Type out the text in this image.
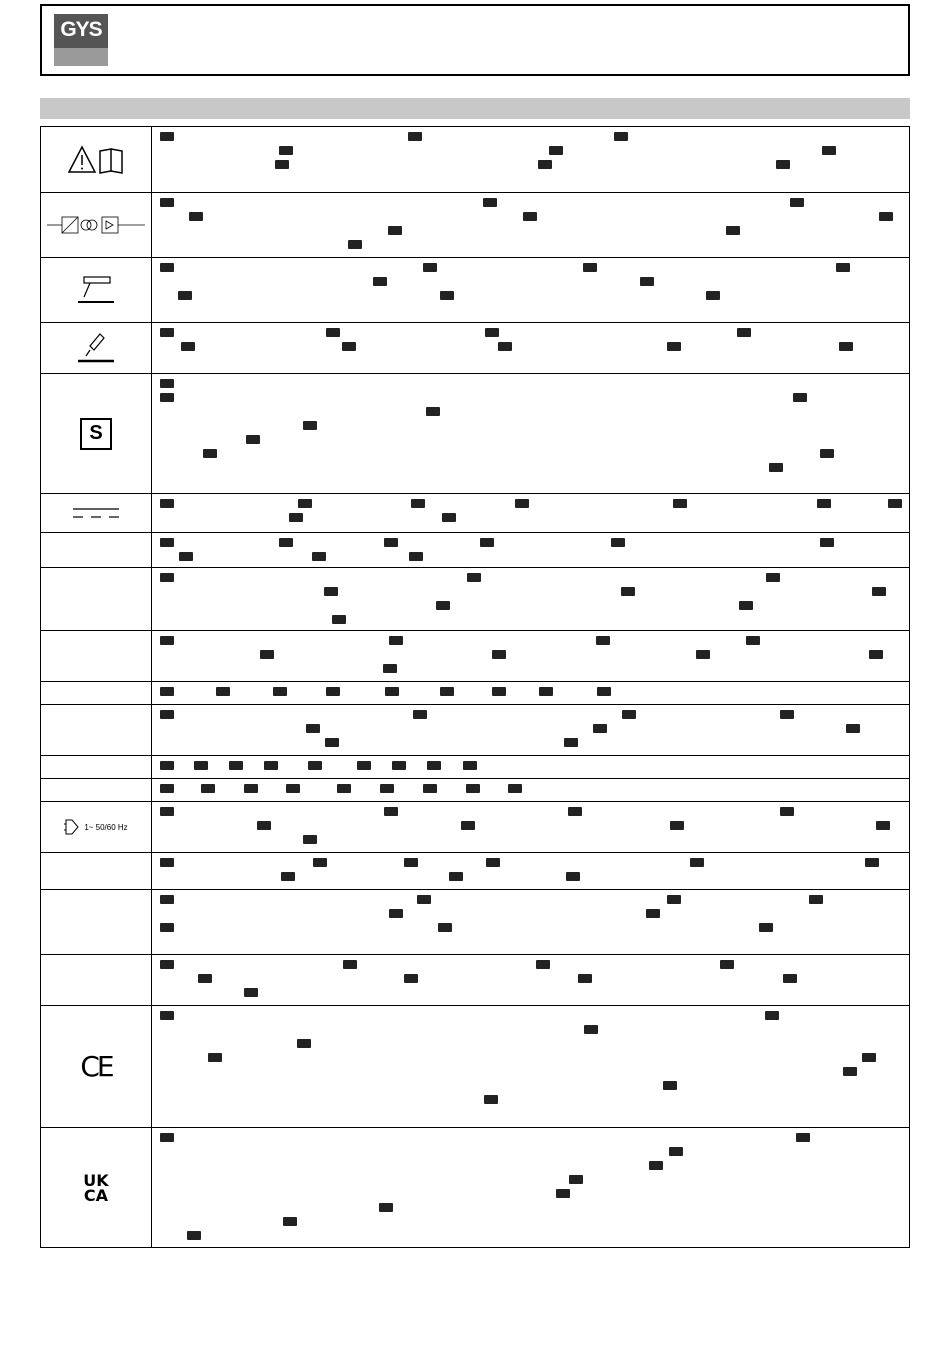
GYS
S
1~ 50/60 Hz
CE
UK
CA
